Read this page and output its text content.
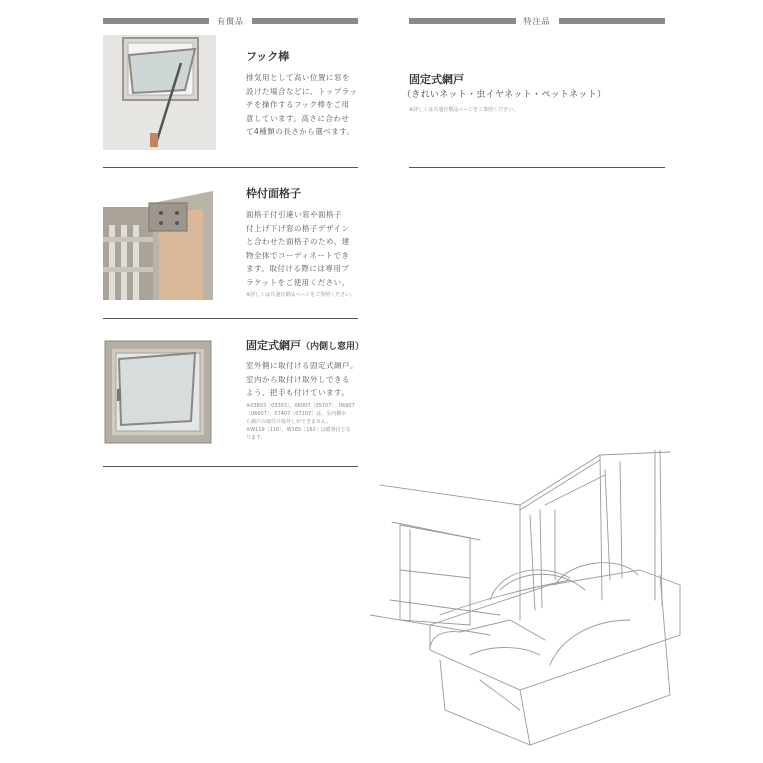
有償品	特注品
フック棒
排気用として高い位置に窓を
設けた場合などに、トップラッ
チを操作するフック棒をご用
意しています。高さに合わせ
て4種類の長さから選べます。
枠付面格子
面格子付引違い窓や面格子
付上げ下げ窓の格子デザイン
と合わせた面格子のため、建
物全体でコーディネートでき
ます。取付ける際には専用ブ
ラケットをご使用ください。
※詳しくは共通有償品ページをご参照ください。
固定式網戸（内側し窓用）
室外側に取付ける固定式網戸。
室内から取付け取外しできる
よう、把手も付けています。
※03603［03303］、06007［05707］、06907
［06607］、07407［07107］は、室内側か
ら網戸の取付け取外しができません。
※W119［116］、W165［162］は縦骨付とな
ります。
固定式網戸
（きれいネット・虫イヤネット・ペットネット）
※詳しくは共通有償品ページをご参照ください。
